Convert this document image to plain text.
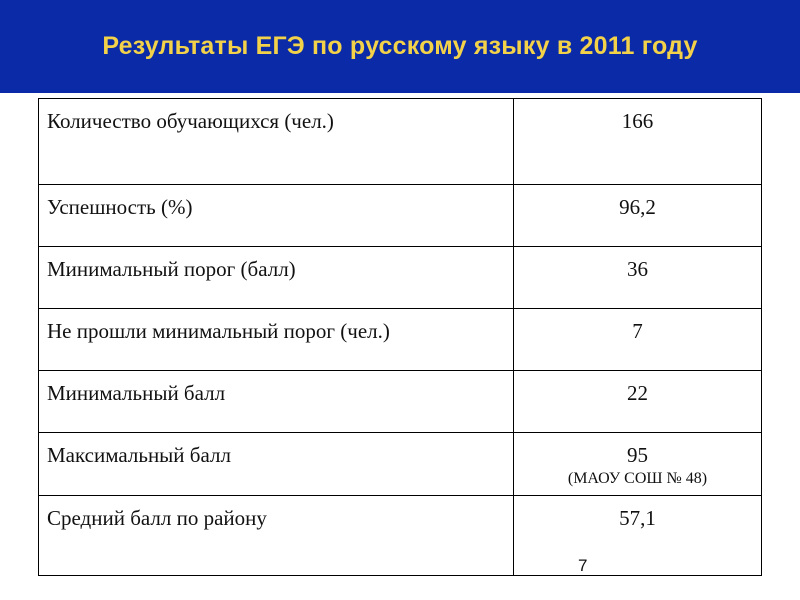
Результаты ЕГЭ по русскому языку в 2011 году
Количество обучающихся (чел.)	166
Успешность (%)	96,2
Минимальный порог (балл)	36
Не прошли минимальный порог (чел.)	7
Минимальный балл	22
Максимальный балл	95
(МАОУ СОШ № 48)

Средний балл по району	57,1
7
